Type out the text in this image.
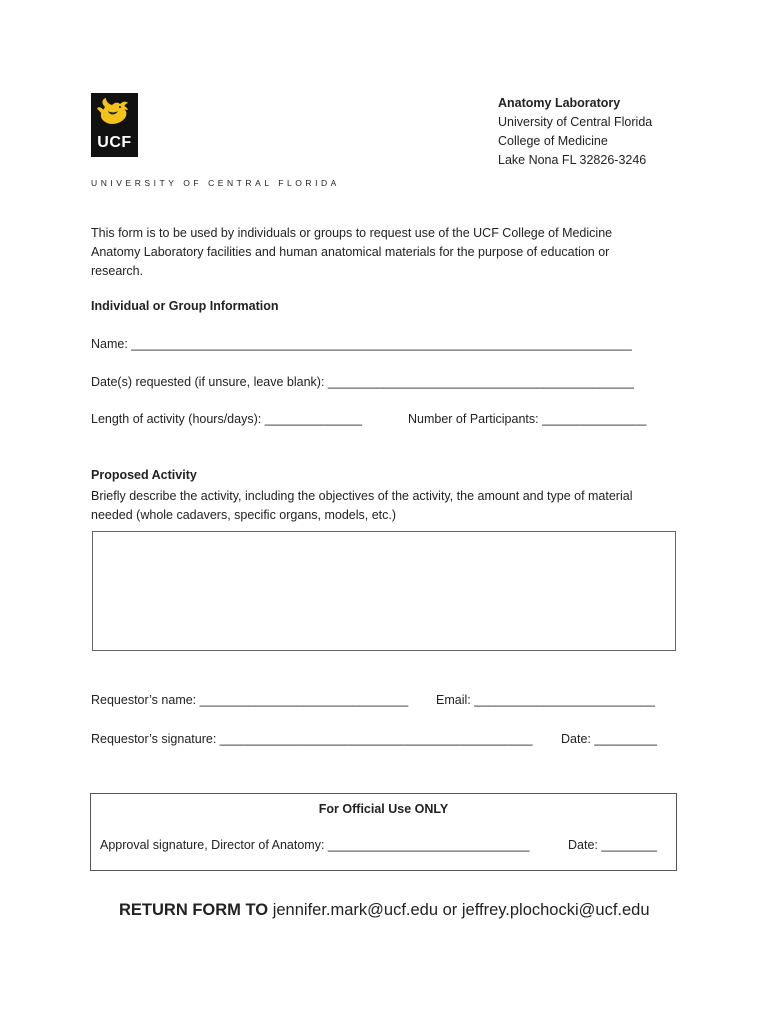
UCF
UNIVERSITY OF CENTRAL FLORIDA
Anatomy Laboratory
University of Central Florida
College of Medicine
Lake Nona FL 32826-3246
This form is to be used by individuals or groups to request use of the UCF College of Medicine Anatomy Laboratory facilities and human anatomical materials for the purpose of education or research.
Individual or Group Information
Name: ________________________________________________________________________
Date(s) requested (if unsure, leave blank): ____________________________________________
Length of activity (hours/days): ______________	Number of Participants: _______________
Proposed Activity
Briefly describe the activity, including the objectives of the activity, the amount and type of material needed (whole cadavers, specific organs, models, etc.)
Requestor’s name: ______________________________ Email: __________________________
Requestor’s signature: _____________________________________________ Date: _________
For Official Use ONLY
Approval signature, Director of Anatomy: _____________________________	Date: ________
RETURN FORM TO jennifer.mark@ucf.edu or jeffrey.plochocki@ucf.edu
